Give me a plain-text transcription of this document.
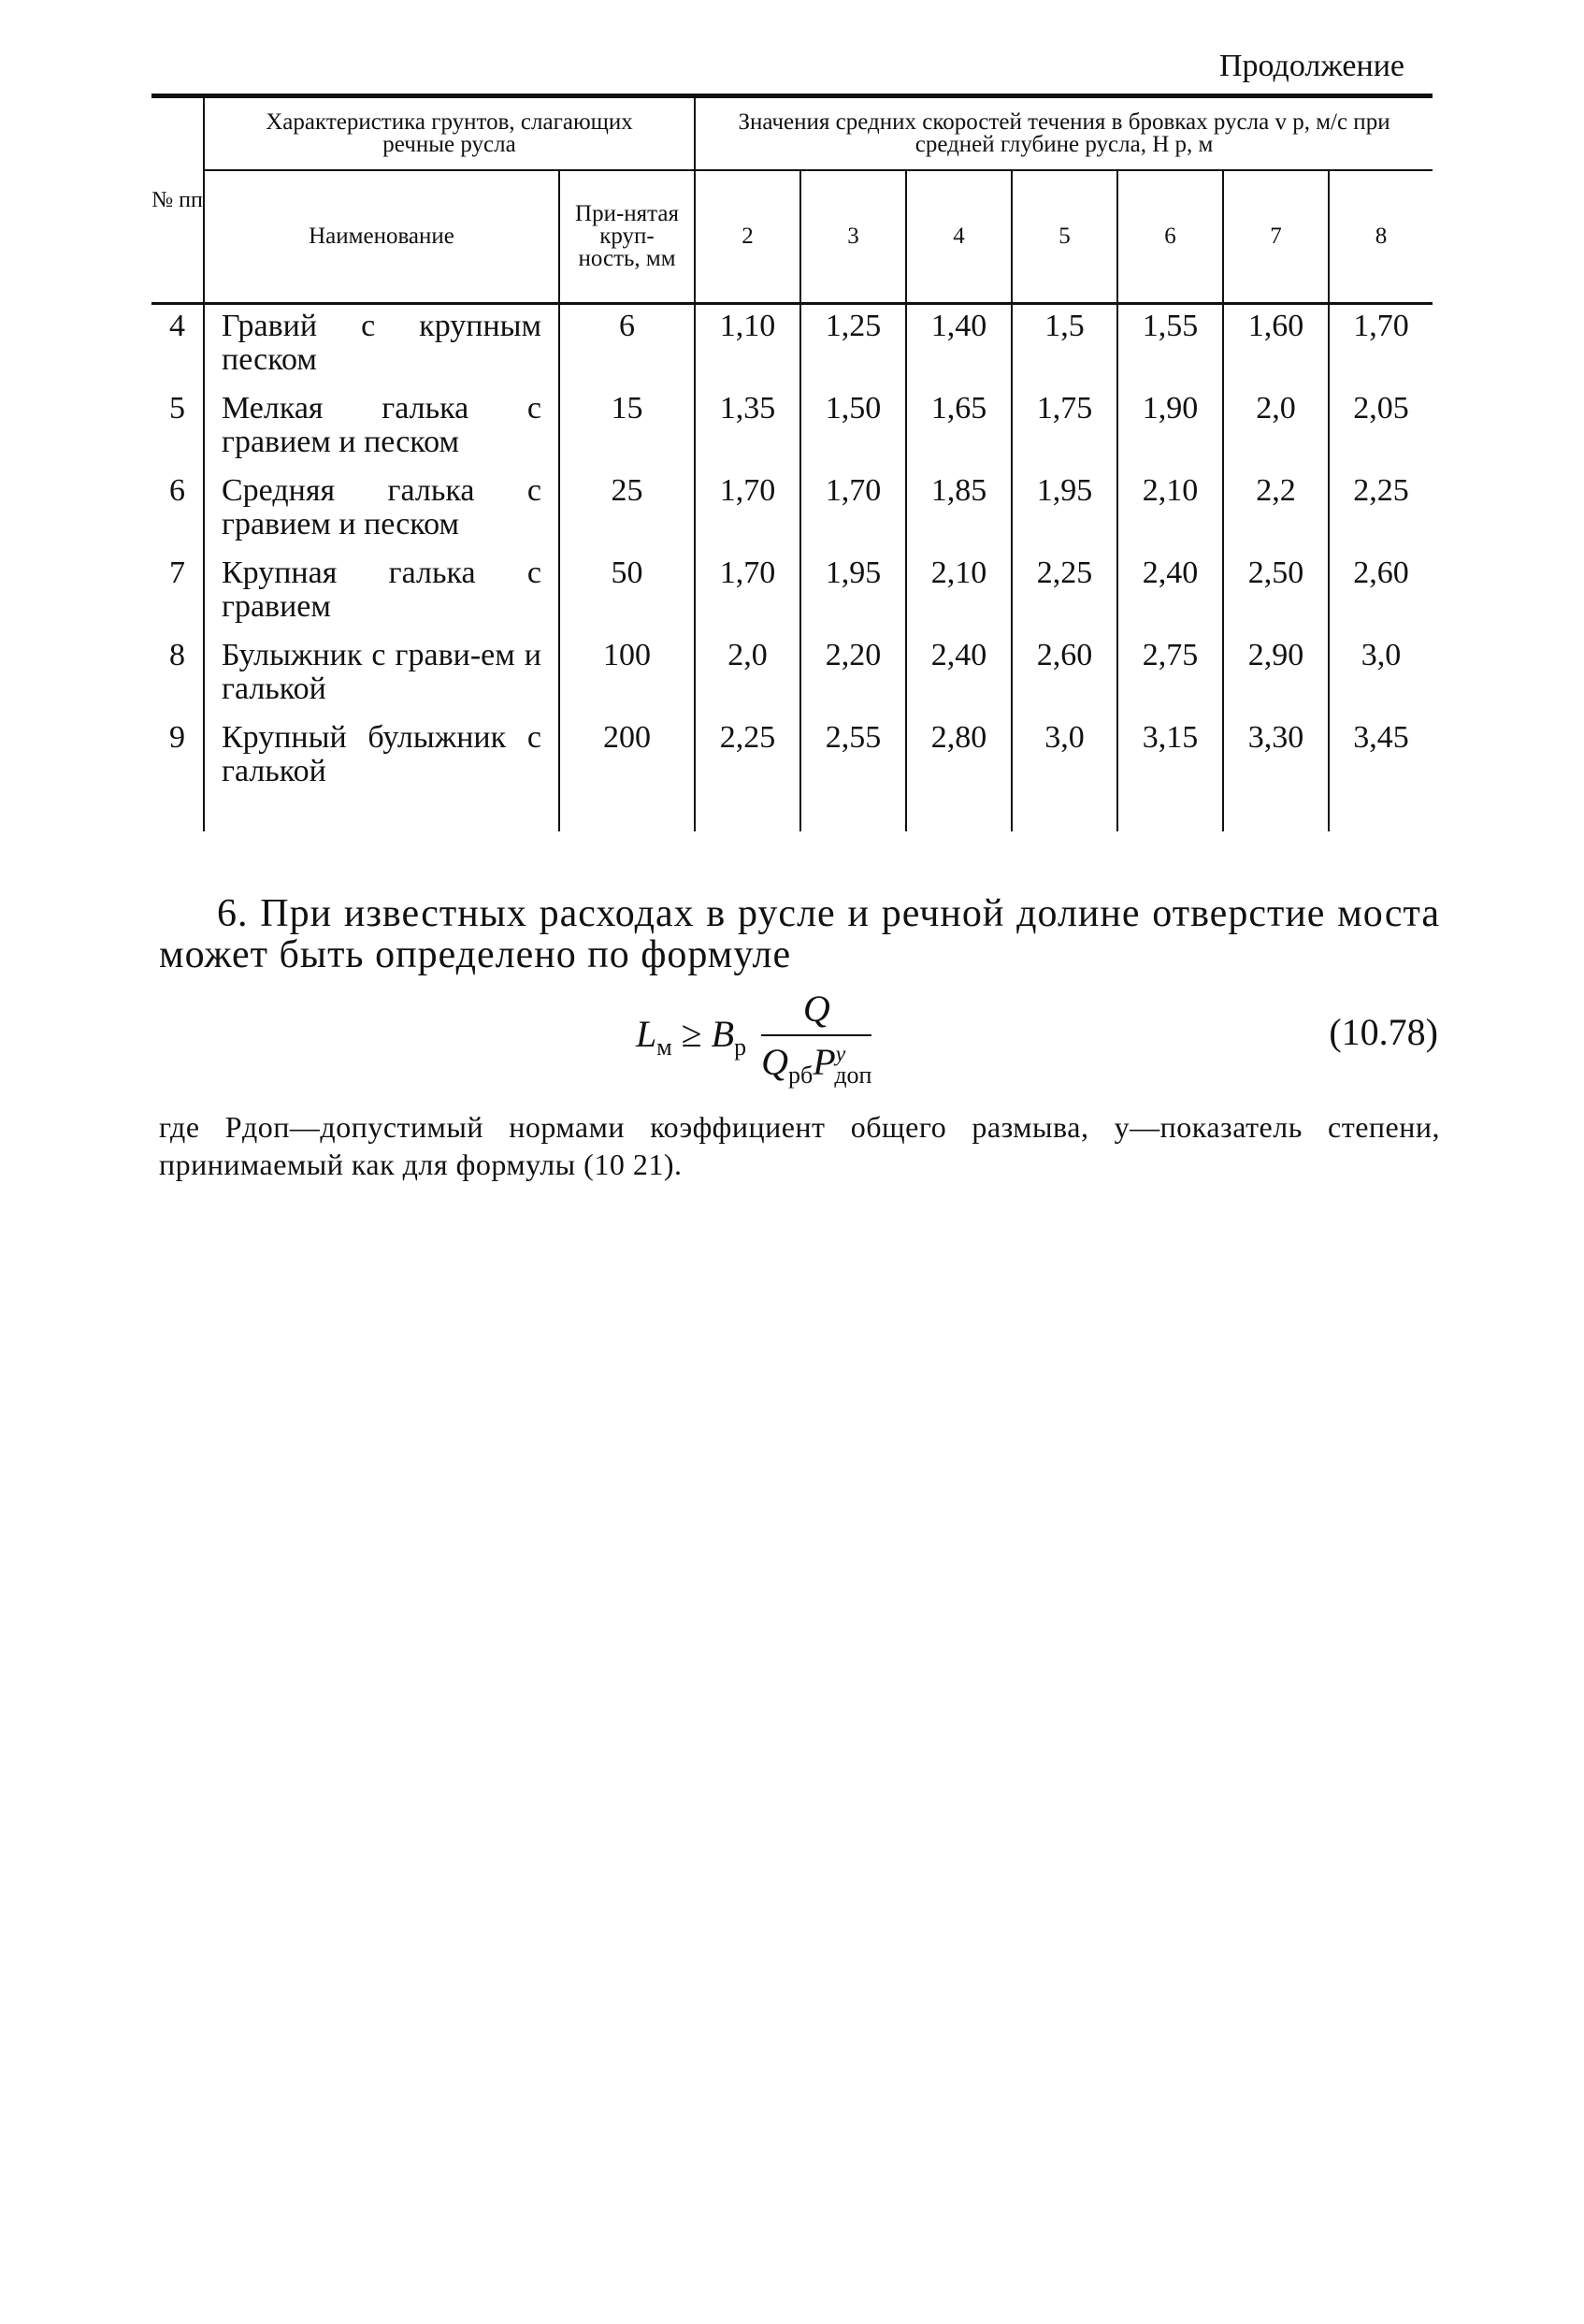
Продолжение
№ пп	Характеристика грунтов, слагающих речные русла		Значения средних скоростей течения в бровках русла v р, м/с при средней глубине русла, H р, м						
	Наименование	При-нятая круп-ность, мм							
			2	3	4	5	6	7	8

4	Гравий с крупным песком	6	1,10	1,25	1,40	1,5	1,55	1,60	1,70
5	Мелкая галька с гравием и песком	15	1,35	1,50	1,65	1,75	1,90	2,0	2,05
6	Средняя галька с гравием и песком	25	1,70	1,70	1,85	1,95	2,10	2,2	2,25
7	Крупная галька с гравием	50	1,70	1,95	2,10	2,25	2,40	2,50	2,60
8	Булыжник с грави-ем и галькой	100	2,0	2,20	2,40	2,60	2,75	2,90	3,0
9	Крупный булыжник с галькой	200	2,25	2,55	2,80	3,0	3,15	3,30	3,45
6. При известных расходах в русле и речной долине отверстие моста может быть определено по формуле
$L_м \ge B_р \frac{Q}{Q_{рб}P^y_{доп}}$	(10.78)
где Pдоп—допустимый нормами коэффициент общего размыва, y—показатель степени, принимаемый как для формулы (10 21).
